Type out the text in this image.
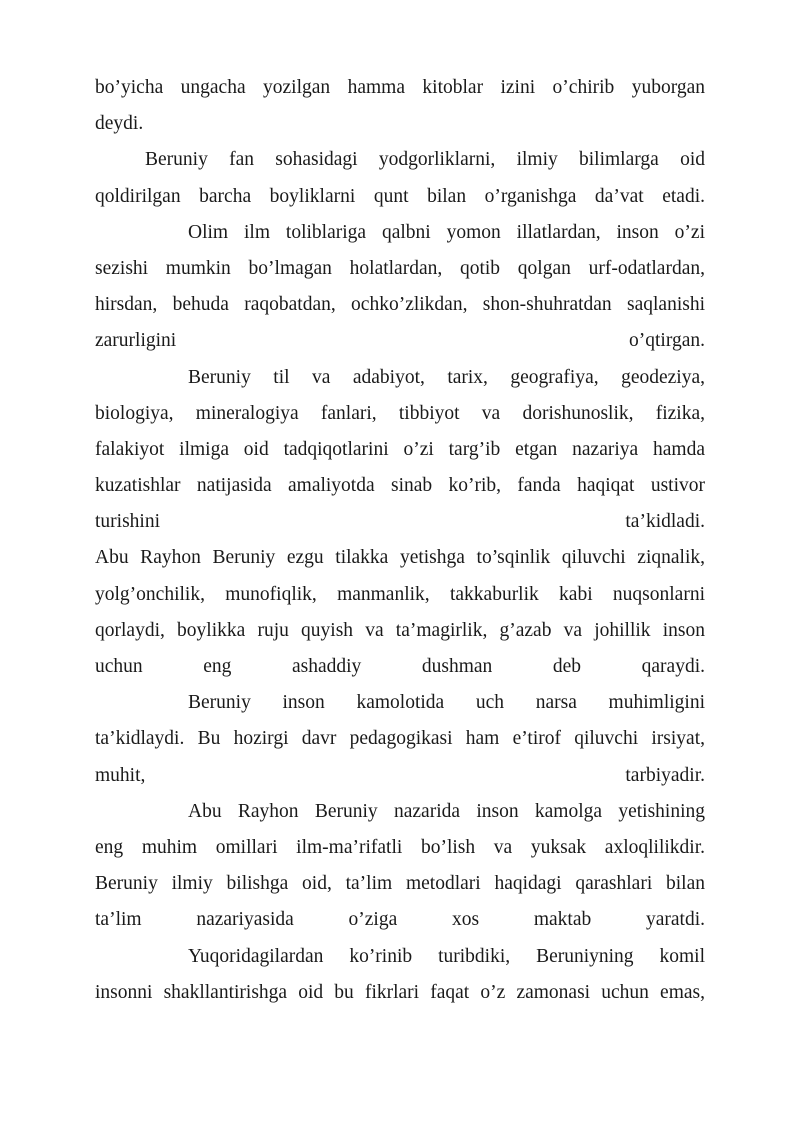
bo’yicha ungacha yozilgan hamma kitoblar izini o’chirib yuborgan
deydi.
Beruniy fan sohasidagi yodgorliklarni, ilmiy bilimlarga oid
qoldirilgan barcha boyliklarni qunt bilan o’rganishga da’vat etadi.
Olim ilm toliblariga qalbni yomon illatlardan, inson o’zi
sezishi mumkin bo’lmagan holatlardan, qotib qolgan urf-odatlardan,
hirsdan, behuda raqobatdan, ochko’zlikdan, shon-shuhratdan saqlanishi
zarurligini o’qtirgan.
Beruniy til va adabiyot, tarix, geografiya, geodeziya,
biologiya, mineralogiya fanlari, tibbiyot va dorishunoslik, fizika,
falakiyot ilmiga oid tadqiqotlarini o’zi targ’ib etgan nazariya hamda
kuzatishlar natijasida amaliyotda sinab ko’rib, fanda haqiqat ustivor
turishini ta’kidladi.
Abu Rayhon Beruniy ezgu tilakka yetishga to’sqinlik qiluvchi ziqnalik,
yolg’onchilik, munofiqlik, manmanlik, takkaburlik kabi nuqsonlarni
qorlaydi, boylikka ruju quyish va ta’magirlik, g’azab va johillik inson
uchun eng ashaddiy dushman deb qaraydi.
Beruniy inson kamolotida uch narsa muhimligini
ta’kidlaydi. Bu hozirgi davr pedagogikasi ham e’tirof qiluvchi irsiyat,
muhit, tarbiyadir.
Abu Rayhon Beruniy nazarida inson kamolga yetishining
eng muhim omillari ilm-ma’rifatli bo’lish va yuksak axloqlilikdir.
Beruniy ilmiy bilishga oid, ta’lim metodlari haqidagi qarashlari bilan
ta’lim nazariyasida o’ziga xos maktab yaratdi.
Yuqoridagilardan ko’rinib turibdiki, Beruniyning komil
insonni shakllantirishga oid bu fikrlari faqat o’z zamonasi uchun emas,
